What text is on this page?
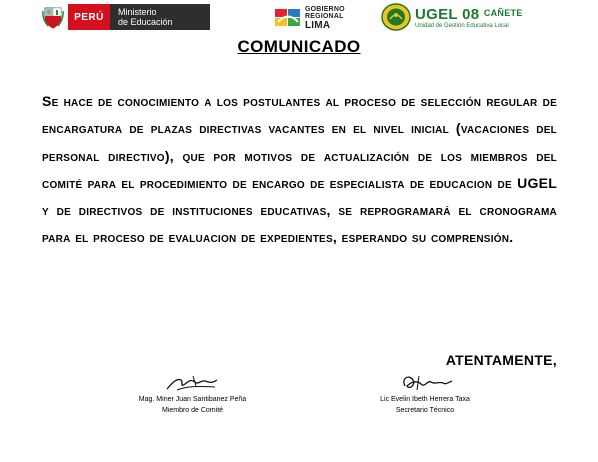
PERÚ	Ministerio
de Educación
GOBIERNO
REGIONAL
LIMA
UGEL 08 $^{CAÑETE}$
Unidad de Gestión Educativa Local
COMUNICADO
Se hace de conocimiento a los postulantes al proceso de selección regular de encargatura de plazas directivas vacantes en el nivel inicial (vacaciones del personal directivo), que por motivos de actualización de los miembros del comité para el procedimiento de encargo de especialista de educacion de UGEL y de directivos de instituciones educativas, se reprogramará el cronograma para el proceso de evaluacion de expedientes, esperando su comprensión.
ATENTAMENTE,
Mag. Miner Juan Santibanez Peña
Miembro de Comité
Lic Evelin Ibeth Herrera Taxa
Secretario Técnico
